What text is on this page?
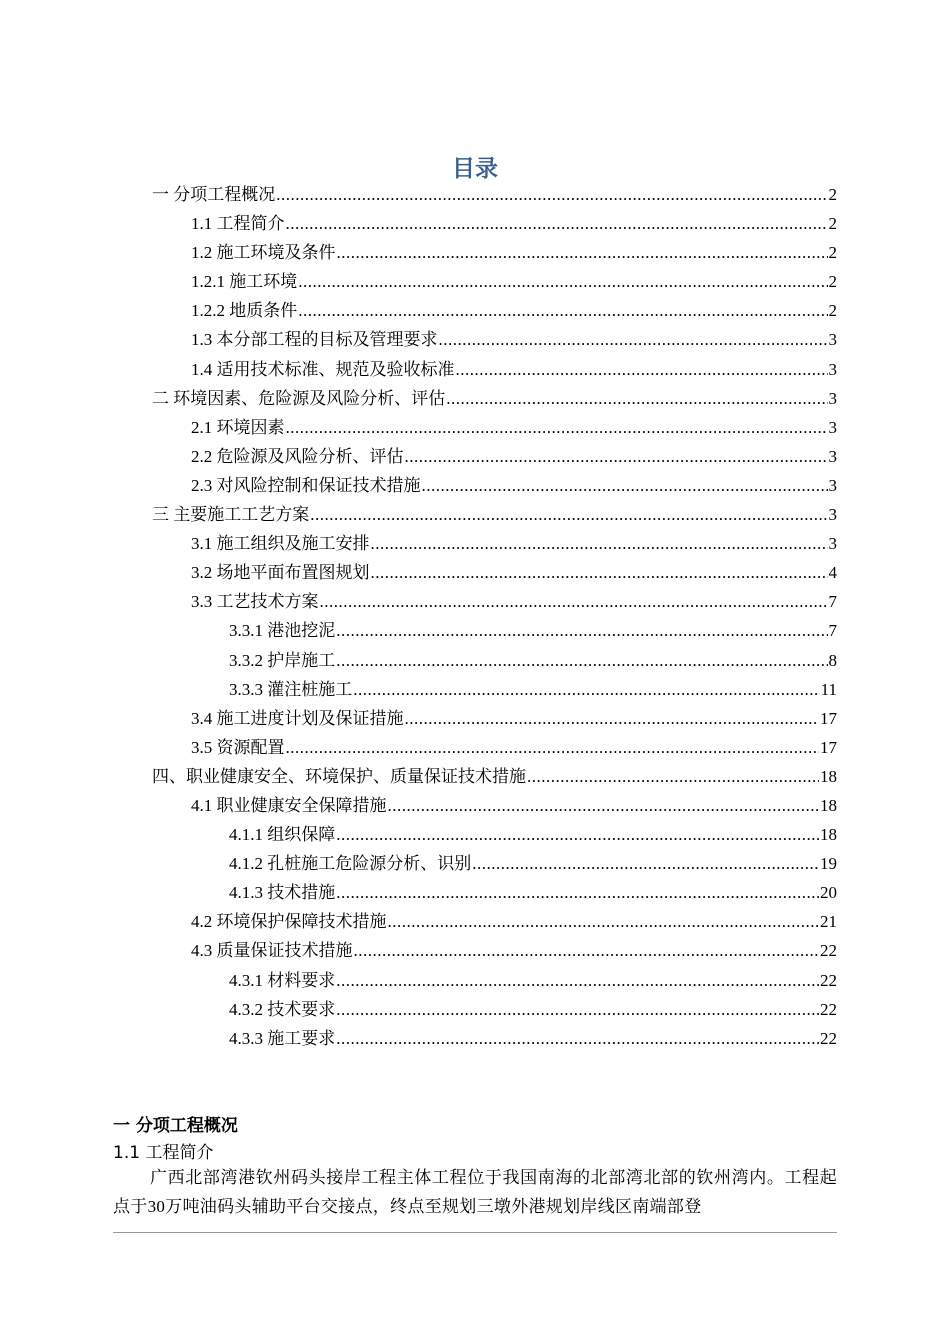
目录
一 分项工程概况 .....	2
1.1 工程简介 .....	2
1.2 施工环境及条件 .....	2
1.2.1 施工环境 .....	2
1.2.2 地质条件 .....	2
1.3 本分部工程的目标及管理要求 .....	3
1.4 适用技术标准、规范及验收标准 .....	3
二 环境因素、危险源及风险分析、评估 .....	3
2.1 环境因素 .....	3
2.2 危险源及风险分析、评估 .....	3
2.3 对风险控制和保证技术措施 .....	3
三 主要施工工艺方案 .....	3
3.1 施工组织及施工安排 .....	3
3.2 场地平面布置图规划 .....	4
3.3 工艺技术方案 .....	7
3.3.1 港池挖泥 .....	7
3.3.2 护岸施工 .....	8
3.3.3 灌注桩施工 .....	11
3.4 施工进度计划及保证措施 .....	17
3.5 资源配置 .....	17
四、职业健康安全、环境保护、质量保证技术措施 .....	18
4.1 职业健康安全保障措施 .....	18
4.1.1 组织保障 .....	18
4.1.2 孔桩施工危险源分析、识别 .....	19
4.1.3 技术措施 .....	20
4.2 环境保护保障技术措施 .....	21
4.3 质量保证技术措施 .....	22
4.3.1 材料要求 .....	22
4.3.2 技术要求 .....	22
4.3.3 施工要求 .....	22
一 分项工程概况
1.1 工程简介
广西北部湾港钦州码头接岸工程主体工程位于我国南海的北部湾北部的钦州湾内。工程起点于30万吨油码头辅助平台交接点，终点至规划三墩外港规划岸线区南端部登
